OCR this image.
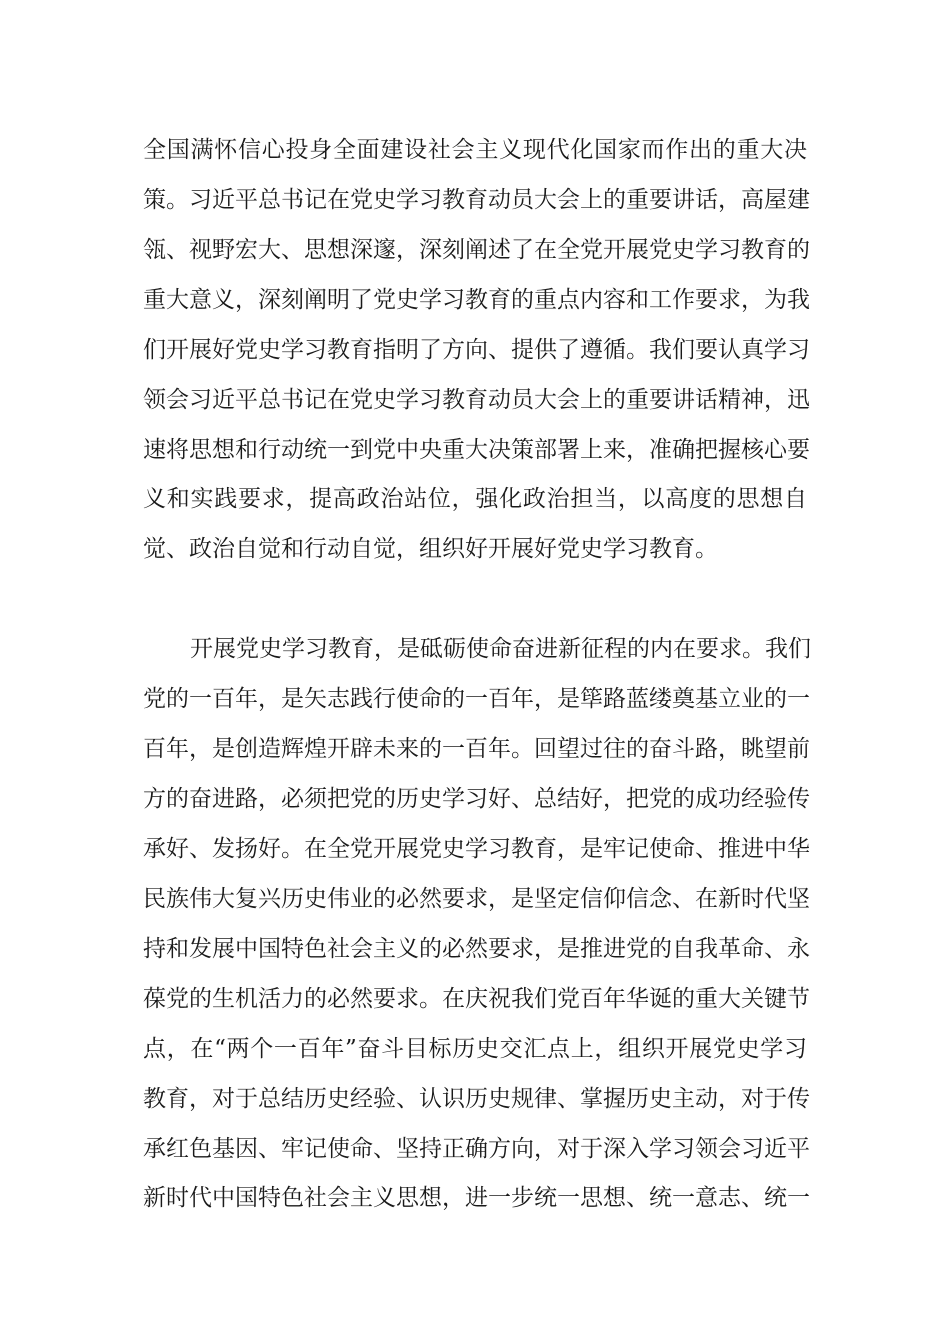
全国满怀信心投身全面建设社会主义现代化国家而作出的重大决
策。习近平总书记在党史学习教育动员大会上的重要讲话，高屋建
瓴、视野宏大、思想深邃，深刻阐述了在全党开展党史学习教育的
重大意义，深刻阐明了党史学习教育的重点内容和工作要求，为我
们开展好党史学习教育指明了方向、提供了遵循。我们要认真学习
领会习近平总书记在党史学习教育动员大会上的重要讲话精神，迅
速将思想和行动统一到党中央重大决策部署上来，准确把握核心要
义和实践要求，提高政治站位，强化政治担当，以高度的思想自
觉、政治自觉和行动自觉，组织好开展好党史学习教育。
开展党史学习教育，是砥砺使命奋进新征程的内在要求。我们
党的一百年，是矢志践行使命的一百年，是筚路蓝缕奠基立业的一
百年，是创造辉煌开辟未来的一百年。回望过往的奋斗路，眺望前
方的奋进路，必须把党的历史学习好、总结好，把党的成功经验传
承好、发扬好。在全党开展党史学习教育，是牢记使命、推进中华
民族伟大复兴历史伟业的必然要求，是坚定信仰信念、在新时代坚
持和发展中国特色社会主义的必然要求，是推进党的自我革命、永
葆党的生机活力的必然要求。在庆祝我们党百年华诞的重大关键节
点，在“两个一百年”奋斗目标历史交汇点上，组织开展党史学习
教育，对于总结历史经验、认识历史规律、掌握历史主动，对于传
承红色基因、牢记使命、坚持正确方向，对于深入学习领会习近平
新时代中国特色社会主义思想，进一步统一思想、统一意志、统一
